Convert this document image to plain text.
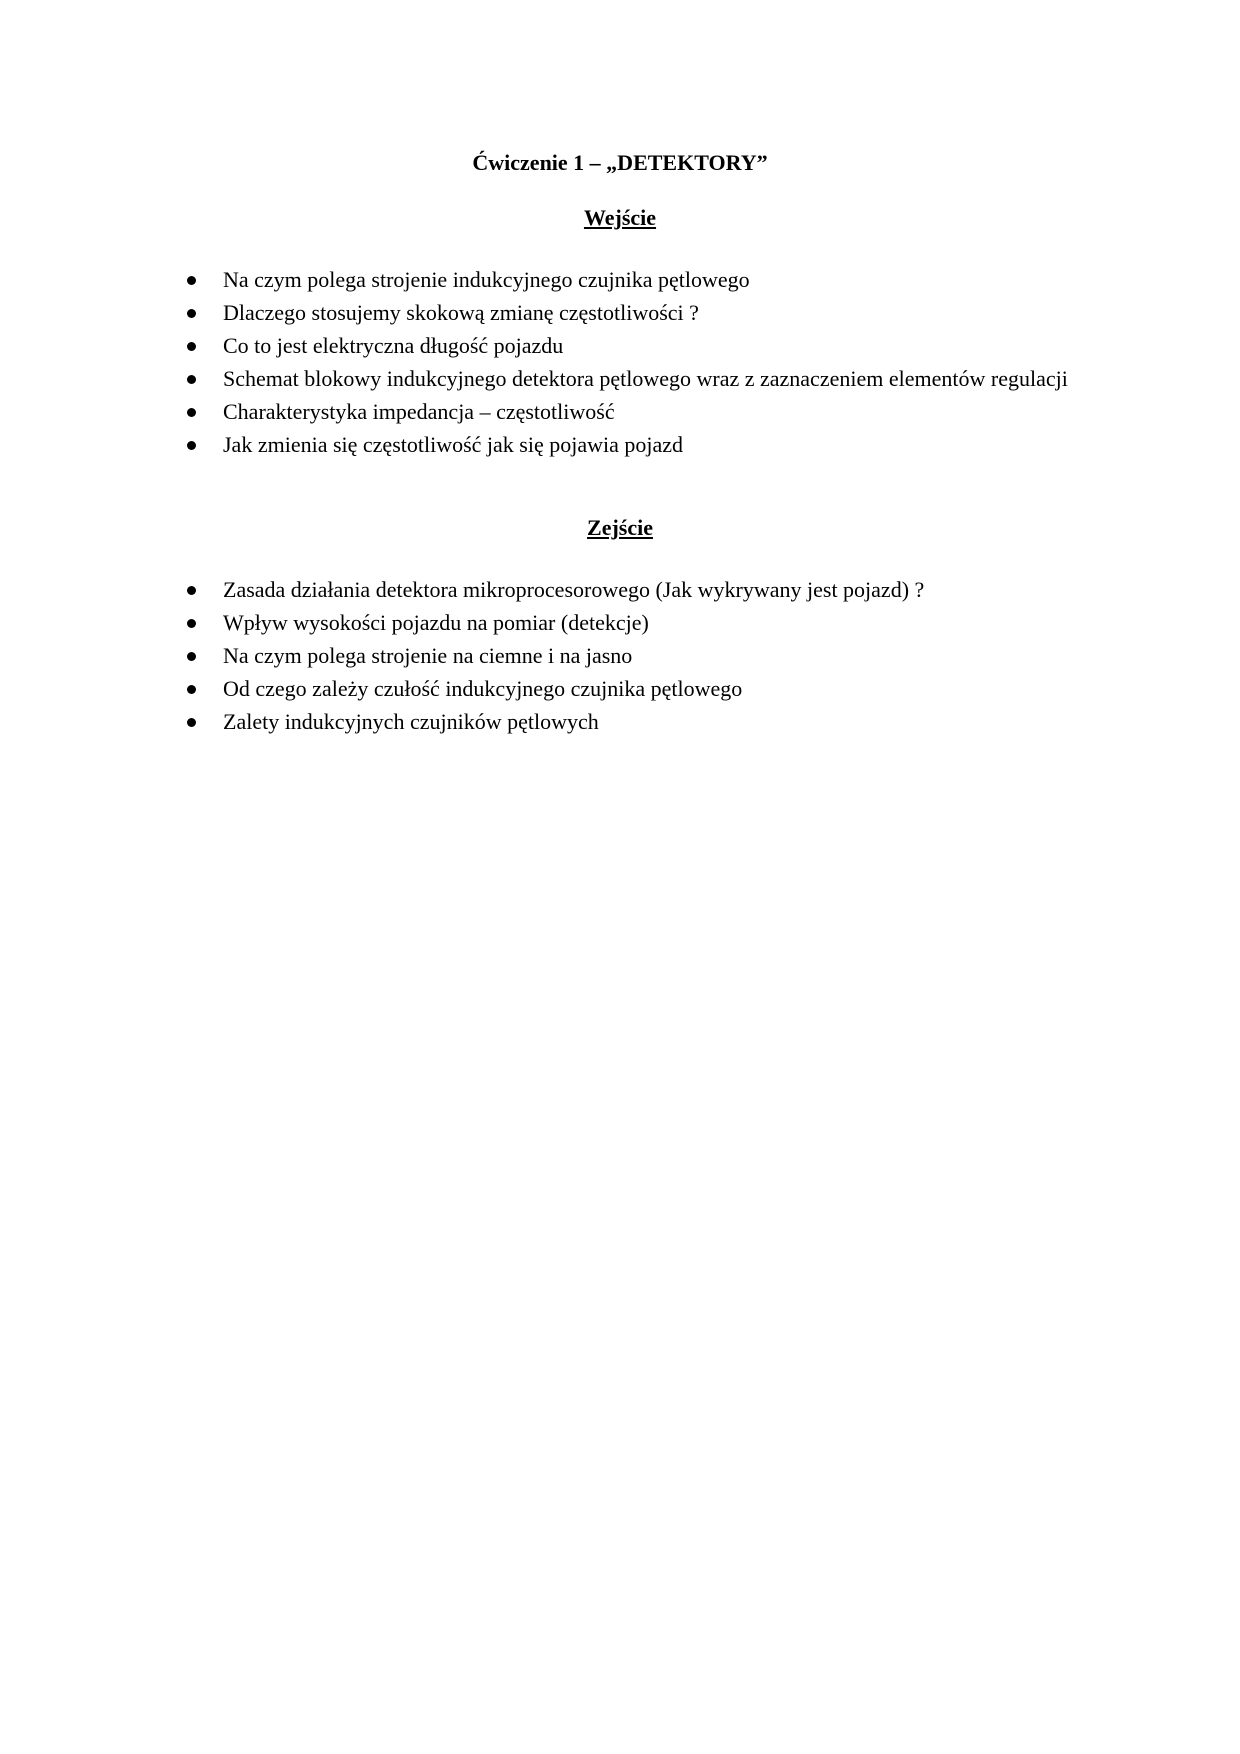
Ćwiczenie 1 – „DETEKTORY”
Wejście
Na czym polega strojenie indukcyjnego czujnika pętlowego
Dlaczego stosujemy skokową zmianę częstotliwości ?
Co to jest elektryczna długość pojazdu
Schemat blokowy indukcyjnego detektora pętlowego wraz z zaznaczeniem elementów regulacji
Charakterystyka impedancja – częstotliwość
Jak zmienia się częstotliwość jak się pojawia pojazd
Zejście
Zasada działania detektora mikroprocesorowego (Jak wykrywany jest pojazd) ?
Wpływ wysokości pojazdu na pomiar (detekcje)
Na czym polega strojenie na ciemne i na jasno
Od czego zależy czułość indukcyjnego czujnika pętlowego
Zalety indukcyjnych czujników pętlowych
